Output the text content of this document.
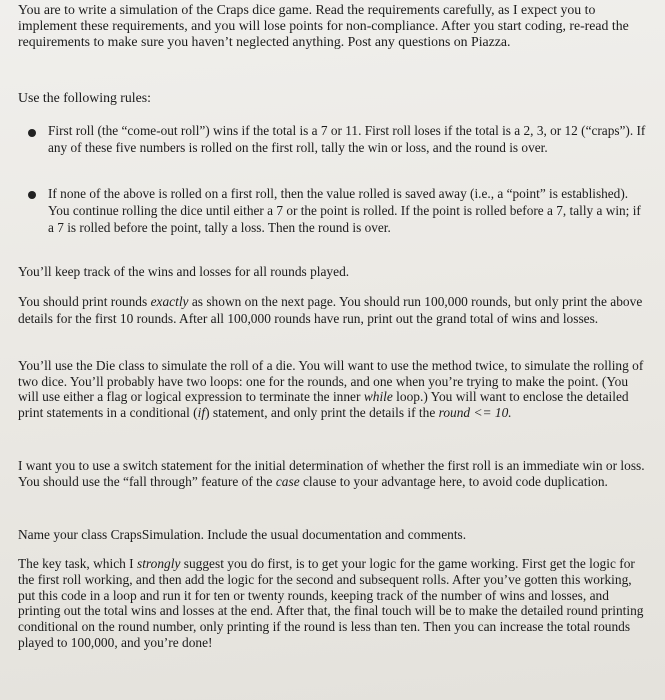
You are to write a simulation of the Craps dice game. Read the requirements carefully, as I expect you to implement these requirements, and you will lose points for non-compliance. After you start coding, re-read the requirements to make sure you haven’t neglected anything. Post any questions on Piazza.
Use the following rules:
First roll (the “come-out roll”) wins if the total is a 7 or 11. First roll loses if the total is a 2, 3, or 12 (“craps”). If any of these five numbers is rolled on the first roll, tally the win or loss, and the round is over.
If none of the above is rolled on a first roll, then the value rolled is saved away (i.e., a “point” is established). You continue rolling the dice until either a 7 or the point is rolled. If the point is rolled before a 7, tally a win; if a 7 is rolled before the point, tally a loss. Then the round is over.
You’ll keep track of the wins and losses for all rounds played.
You should print rounds exactly as shown on the next page. You should run 100,000 rounds, but only print the above details for the first 10 rounds. After all 100,000 rounds have run, print out the grand total of wins and losses.
You’ll use the Die class to simulate the roll of a die. You will want to use the method twice, to simulate the rolling of two dice. You’ll probably have two loops: one for the rounds, and one when you’re trying to make the point. (You will use either a flag or logical expression to terminate the inner while loop.) You will want to enclose the detailed print statements in a conditional (if) statement, and only print the details if the round <= 10.
I want you to use a switch statement for the initial determination of whether the first roll is an immediate win or loss. You should use the “fall through” feature of the case clause to your advantage here, to avoid code duplication.
Name your class CrapsSimulation. Include the usual documentation and comments.
The key task, which I strongly suggest you do first, is to get your logic for the game working. First get the logic for the first roll working, and then add the logic for the second and subsequent rolls. After you’ve gotten this working, put this code in a loop and run it for ten or twenty rounds, keeping track of the number of wins and losses, and printing out the total wins and losses at the end. After that, the final touch will be to make the detailed round printing conditional on the round number, only printing if the round is less than ten. Then you can increase the total rounds played to 100,000, and you’re done!
